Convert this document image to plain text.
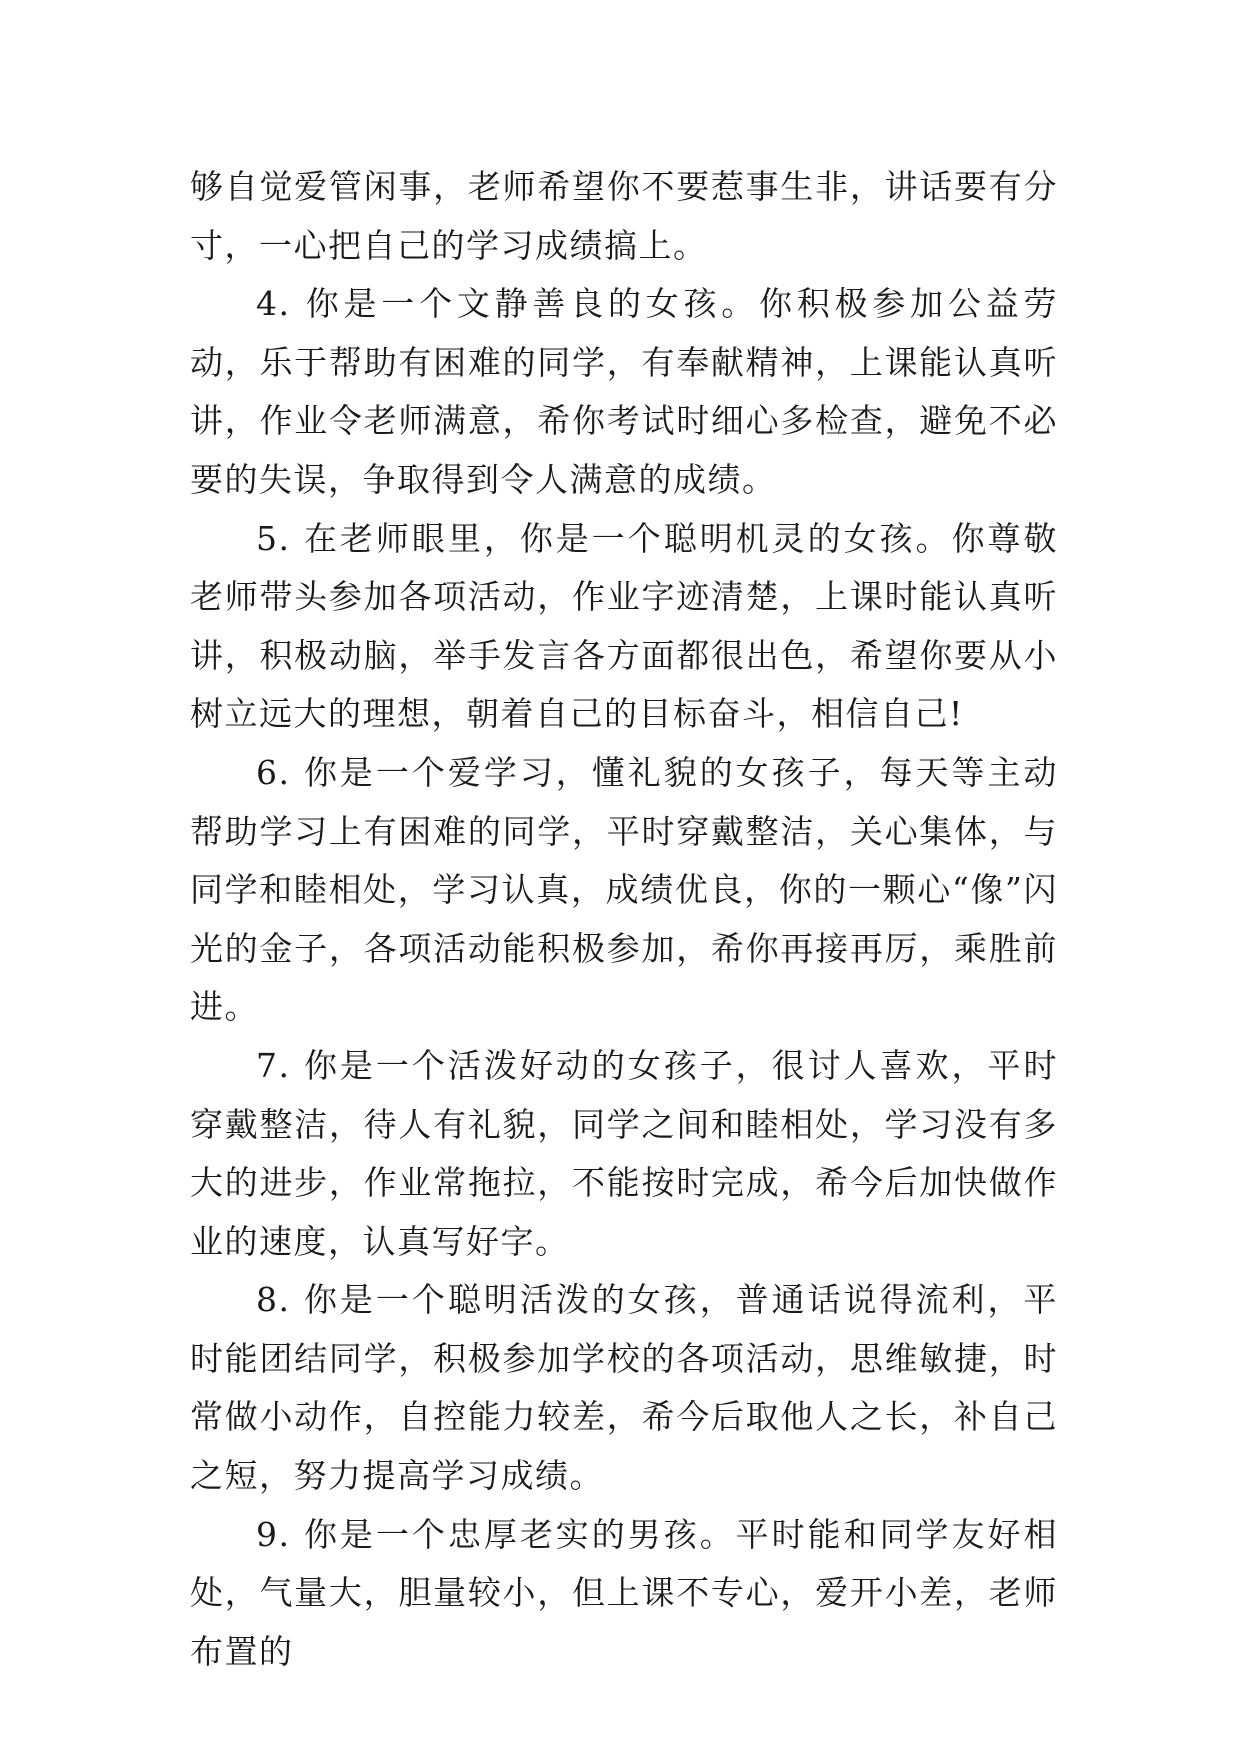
够自觉爱管闲事，老师希望你不要惹事生非，讲话要有分寸，一心把自己的学习成绩搞上。

4. 你是一个文静善良的女孩。你积极参加公益劳动，乐于帮助有困难的同学，有奉献精神，上课能认真听讲，作业令老师满意，希你考试时细心多检查，避免不必要的失误，争取得到令人满意的成绩。

5. 在老师眼里，你是一个聪明机灵的女孩。你尊敬老师带头参加各项活动，作业字迹清楚，上课时能认真听讲，积极动脑，举手发言各方面都很出色，希望你要从小树立远大的理想，朝着自己的目标奋斗，相信自己!

6. 你是一个爱学习，懂礼貌的女孩子，每天等主动帮助学习上有困难的同学，平时穿戴整洁，关心集体，与同学和睦相处，学习认真，成绩优良，你的一颗心“像”闪光的金子，各项活动能积极参加，希你再接再厉，乘胜前进。

7. 你是一个活泼好动的女孩子，很讨人喜欢，平时穿戴整洁，待人有礼貌，同学之间和睦相处，学习没有多大的进步，作业常拖拉，不能按时完成，希今后加快做作业的速度，认真写好字。

8. 你是一个聪明活泼的女孩，普通话说得流利，平时能团结同学，积极参加学校的各项活动，思维敏捷，时常做小动作，自控能力较差，希今后取他人之长，补自己之短，努力提高学习成绩。

9. 你是一个忠厚老实的男孩。平时能和同学友好相处，气量大，胆量较小，但上课不专心，爱开小差，老师布置的
